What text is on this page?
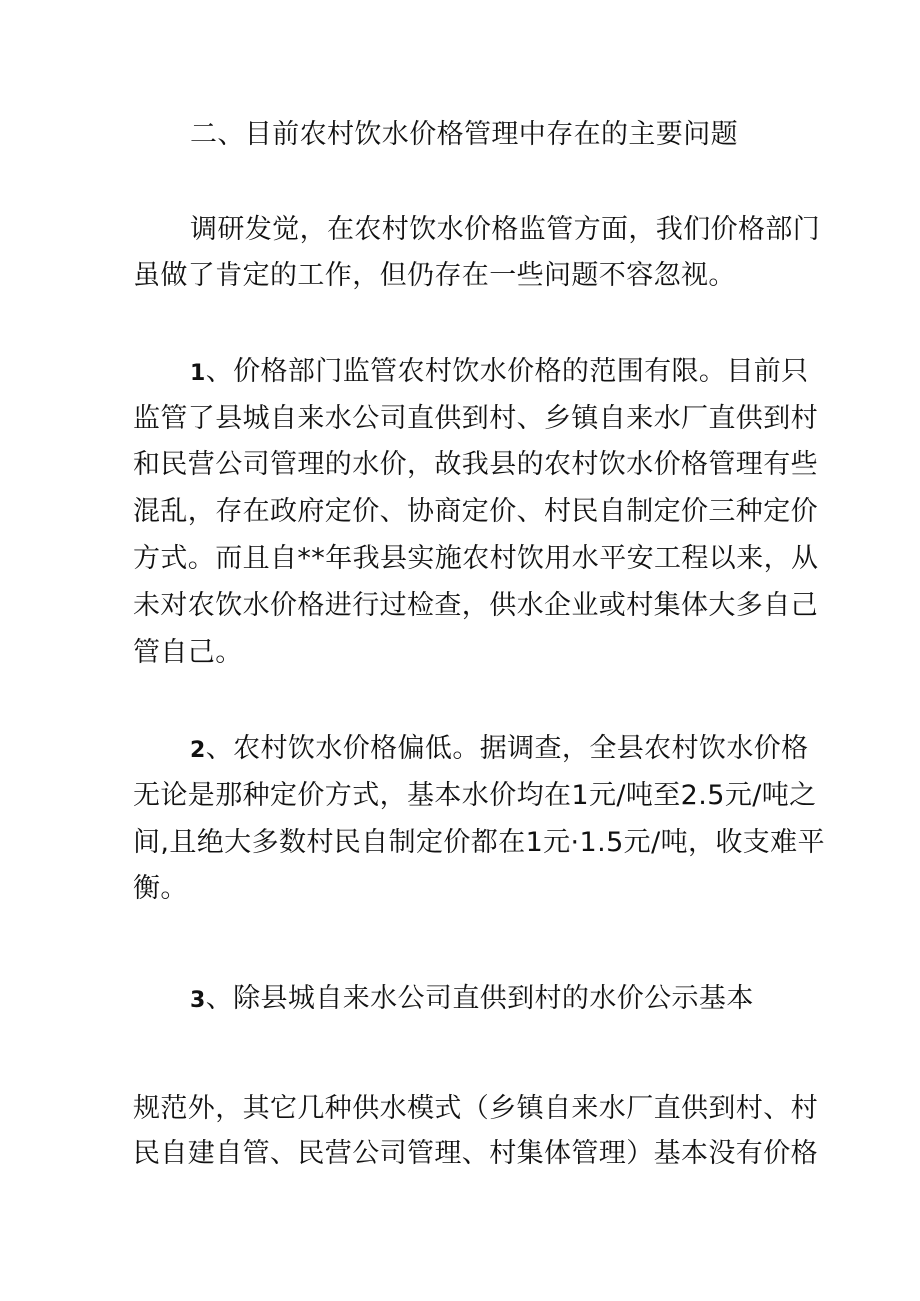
二、目前农村饮水价格管理中存在的主要问题
调研发觉，在农村饮水价格监管方面，我们价格部门
虽做了肯定的工作，但仍存在一些问题不容忽视。
1、价格部门监管农村饮水价格的范围有限。目前只
监管了县城自来水公司直供到村、乡镇自来水厂直供到村
和民营公司管理的水价，故我县的农村饮水价格管理有些
混乱，存在政府定价、协商定价、村民自制定价三种定价
方式。而且自**年我县实施农村饮用水平安工程以来，从
未对农饮水价格进行过检查，供水企业或村集体大多自己
管自己。
2、农村饮水价格偏低。据调查，全县农村饮水价格
无论是那种定价方式，基本水价均在1元/吨至2.5元/吨之
间,且绝大多数村民自制定价都在1元·1.5元/吨，收支难平
衡。
3、除县城自来水公司直供到村的水价公示基本
规范外，其它几种供水模式（乡镇自来水厂直供到村、村
民自建自管、民营公司管理、村集体管理）基本没有价格
